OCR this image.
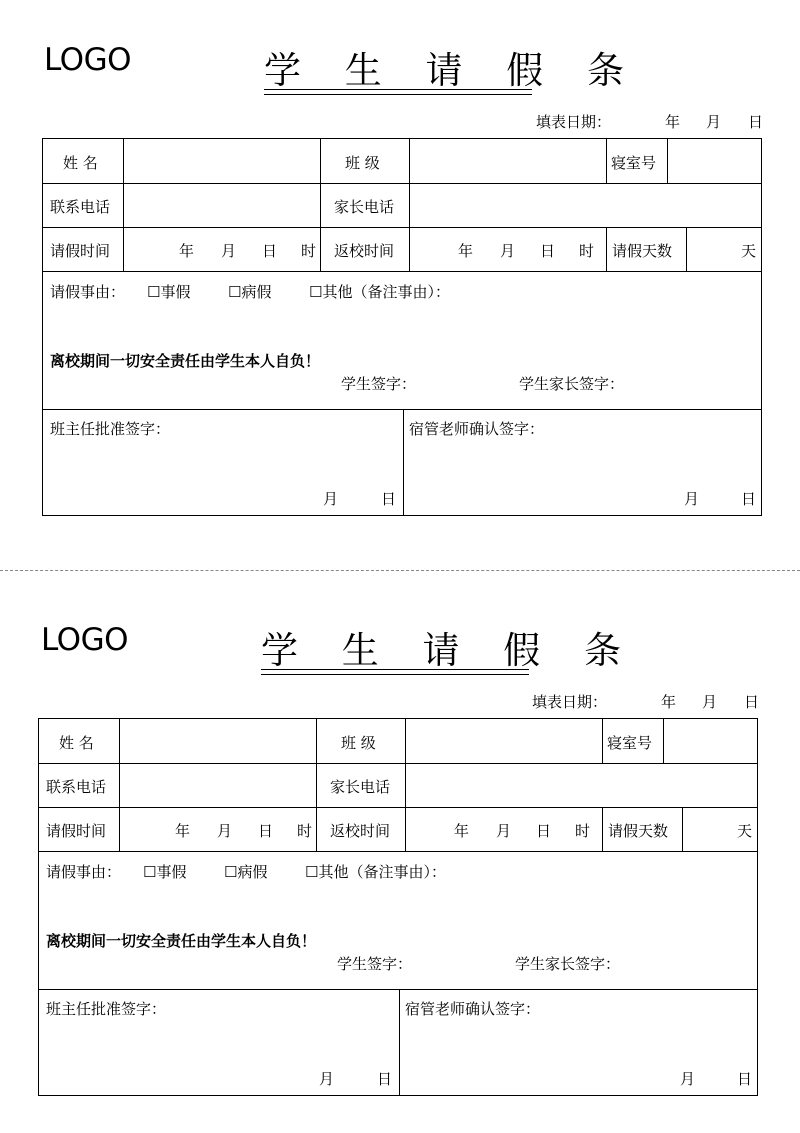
LOGO	学 生 请 假 条
填表日期：	年 月 日
姓 名	班 级	寝室号
联系电话	家长电话
请假时间	年 月 日 时 返校时间	年 月 日 时 请假天数	天
请假事由： ☐事假	☐病假	☐其他（备注事由）：
离校期间一切安全责任由学生本人自负！
学生签字：	学生家长签字：
班主任批准签字：	宿管老师确认签字：
月	日	月	日
LOGO	学 生 请 假 条
填表日期：	年 月 日
姓 名	班 级	寝室号
联系电话	家长电话
请假时间	年 月 日 时 返校时间	年 月 日 时 请假天数	天
请假事由： ☐事假	☐病假	☐其他（备注事由）：
离校期间一切安全责任由学生本人自负！
学生签字：	学生家长签字：
班主任批准签字：	宿管老师确认签字：
月	日	月	日
